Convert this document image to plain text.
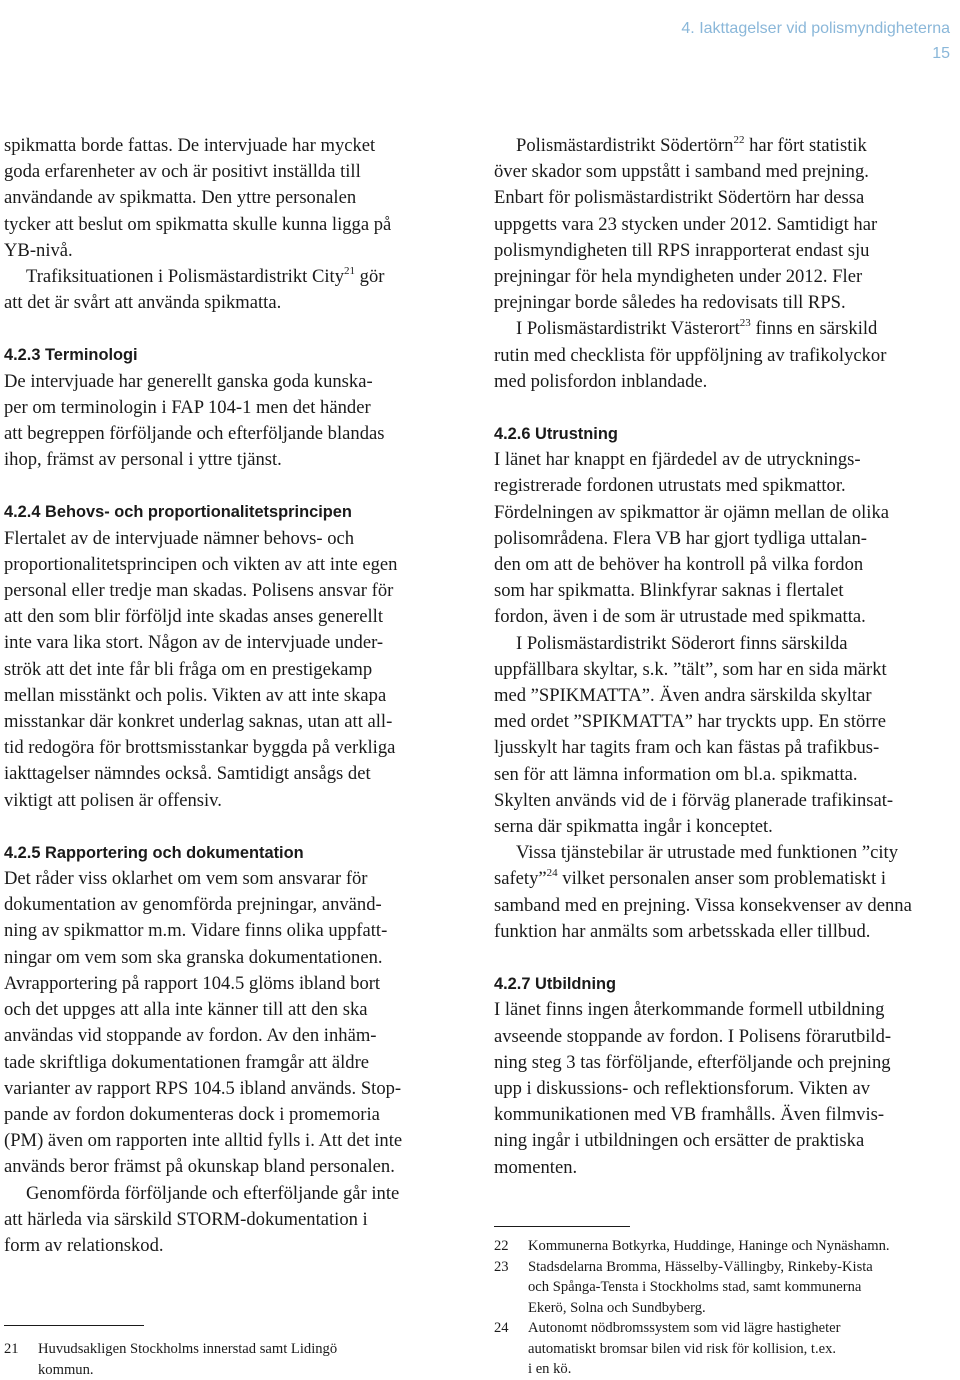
4. Iakttagelser vid polismyndigheterna
15

spikmatta borde fattas. De intervjuade har mycket
goda erfarenheter av och är positivt inställda till
användande av spikmatta. Den yttre personalen
tycker att beslut om spikmatta skulle kunna ligga på
YB-nivå.

Trafiksituationen i Polismästardistrikt City$^{21}$ gör
att det är svårt att använda spikmatta.

4.2.3 Terminologi

De intervjuade har generellt ganska goda kunska-
per om terminologin i FAP 104-1 men det händer
att begreppen förföljande och efterföljande blandas
ihop, främst av personal i yttre tjänst.

4.2.4 Behovs- och proportionalitetsprincipen

Flertalet av de intervjuade nämner behovs- och
proportionalitetsprincipen och vikten av att inte egen
personal eller tredje man skadas. Polisens ansvar för
att den som blir förföljd inte skadas anses generellt
inte vara lika stort. Någon av de intervjuade under-
strök att det inte får bli fråga om en prestigekamp
mellan misstänkt och polis. Vikten av att inte skapa
misstankar där konkret underlag saknas, utan att all-
tid redogöra för brottsmisstankar byggda på verkliga
iakttagelser nämndes också. Samtidigt ansågs det
viktigt att polisen är offensiv.

4.2.5 Rapportering och dokumentation

Det råder viss oklarhet om vem som ansvarar för
dokumentation av genomförda prejningar, använd-
ning av spikmattor m.m. Vidare finns olika uppfatt-
ningar om vem som ska granska dokumentationen.
Avrapportering på rapport 104.5 glöms ibland bort
och det uppges att alla inte känner till att den ska
användas vid stoppande av fordon. Av den inhäm-
tade skriftliga dokumentationen framgår att äldre
varianter av rapport RPS 104.5 ibland används. Stop-
pande av fordon dokumenteras dock i promemoria
(PM) även om rapporten inte alltid fylls i. Att det inte
används beror främst på okunskap bland personalen.

Genomförda förföljande och efterföljande går inte
att härleda via särskild STORM-dokumentation i
form av relationskod.

21	Huvudsakligen Stockholms innerstad samt Lidingö
kommun.

Polismästardistrikt Södertörn$^{22}$ har fört statistik
över skador som uppstått i samband med prejning.
Enbart för polismästardistrikt Södertörn har dessa
uppgetts vara 23 stycken under 2012. Samtidigt har
polismyndigheten till RPS inrapporterat endast sju
prejningar för hela myndigheten under 2012. Fler
prejningar borde således ha redovisats till RPS.

I Polismästardistrikt Västerort$^{23}$ finns en särskild
rutin med checklista för uppföljning av trafikolyckor
med polisfordon inblandade.

4.2.6 Utrustning

I länet har knappt en fjärdedel av de utrycknings-
registrerade fordonen utrustats med spikmattor.
Fördelningen av spikmattor är ojämn mellan de olika
polisområdena. Flera VB har gjort tydliga uttalan-
den om att de behöver ha kontroll på vilka fordon
som har spikmatta. Blinkfyrar saknas i flertalet
fordon, även i de som är utrustade med spikmatta.

I Polismästardistrikt Söderort finns särskilda
uppfällbara skyltar, s.k. ”tält”, som har en sida märkt
med ”SPIKMATTA”. Även andra särskilda skyltar
med ordet ”SPIKMATTA” har tryckts upp. En större
ljusskylt har tagits fram och kan fästas på trafikbus-
sen för att lämna information om bl.a. spikmatta.
Skylten används vid de i förväg planerade trafikinsat-
serna där spikmatta ingår i konceptet.

Vissa tjänstebilar är utrustade med funktionen ”city
safety”$^{24}$ vilket personalen anser som problematiskt i
samband med en prejning. Vissa konsekvenser av denna
funktion har anmälts som arbetsskada eller tillbud.

4.2.7 Utbildning

I länet finns ingen återkommande formell utbildning
avseende stoppande av fordon. I Polisens förarutbild-
ning steg 3 tas förföljande, efterföljande och prejning
upp i diskussions- och reflektionsforum. Vikten av
kommunikationen med VB framhålls. Även filmvis-
ning ingår i utbildningen och ersätter de praktiska
momenten.

22	Kommunerna Botkyrka, Huddinge, Haninge och Nynäshamn.
23	Stadsdelarna Bromma, Hässelby-Vällingby, Rinkeby-Kista
och Spånga-Tensta i Stockholms stad, samt kommunerna
Ekerö, Solna och Sundbyberg.
24	Autonomt nödbromssystem som vid lägre hastigheter
automatiskt bromsar bilen vid risk för kollision, t.ex.
i en kö.
